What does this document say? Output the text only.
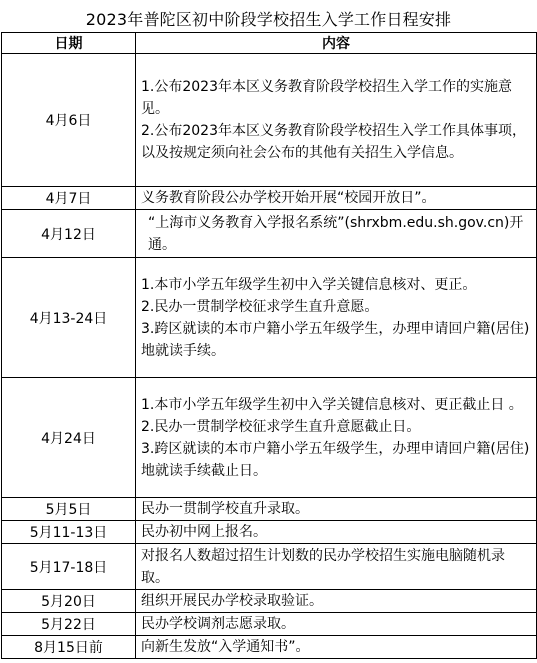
2023年普陀区初中阶段学校招生入学工作日程安排
日期	内容
4月6日	1.公布2023年本区义务教育阶段学校招生入学工作的实施意见。
2.公布2023年本区义务教育阶段学校招生入学工作具体事项，以及按规定须向社会公布的其他有关招生入学信息。

4月7日	义务教育阶段公办学校开始开展“校园开放日”。

4月12日	“上海市义务教育入学报名系统”(shrxbm.edu.sh.gov.cn)开通。

4月13-24日	1.本市小学五年级学生初中入学关键信息核对、更正。
2.民办一贯制学校征求学生直升意愿。
3.跨区就读的本市户籍小学五年级学生，办理申请回户籍(居住)地就读手续。

4月24日	1.本市小学五年级学生初中入学关键信息核对、更正截止日 。
2.民办一贯制学校征求学生直升意愿截止日。
3.跨区就读的本市户籍小学五年级学生，办理申请回户籍(居住)地就读手续截止日。

5月5日	民办一贯制学校直升录取。

5月11-13日	民办初中网上报名。

5月17-18日	对报名人数超过招生计划数的民办学校招生实施电脑随机录取。

5月20日	组织开展民办学校录取验证。

5月22日	民办学校调剂志愿录取。

8月15日前	向新生发放“入学通知书”。
